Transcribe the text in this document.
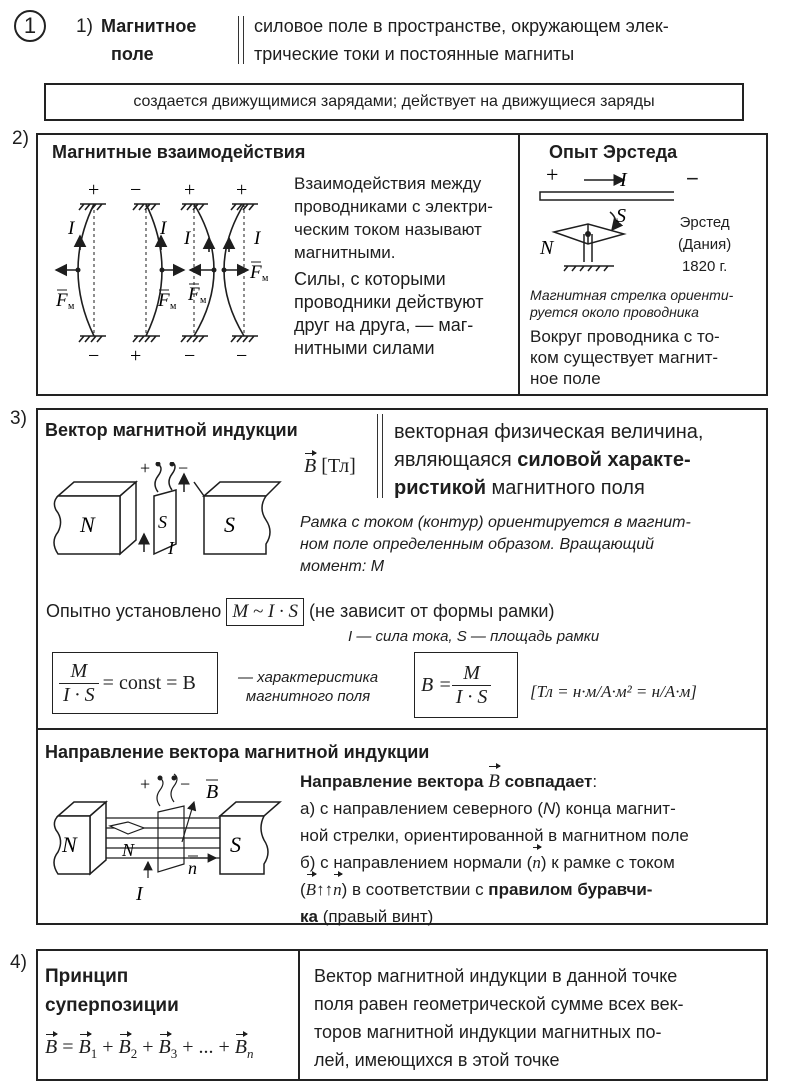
1	1) Магнитное
поле
силовое поле в пространстве, окружающем элек-
трические токи и постоянные магниты
создается движущимися зарядами; действует на движущиеся заряды
2)
Магнитные взаимодействия
+ − + +
− + − −
I	I I	I
F	F F
F
м	м
м
м
Взаимодействия между
проводниками с электри-
ческим током называют
магнитными.
Силы, с которыми
проводники действуют
друг на друга, — маг-
нитными силами
Опыт Эрстеда
+	I
S
N
−
Эрстед
(Дания)
1820 г.
Магнитная стрелка ориенти-
руется около проводника
Вокруг проводника с то-
ком существует магнит-
ное поле
3)
Вектор магнитной индукции
B [Тл]
векторная физическая величина,
являющаяся силовой характе-
ристикой магнитного поля
N	S
S
I
+ −
Рамка с током (контур) ориентируется в магнит-
ном поле определенным образом. Вращающий
момент: M
Опытно установлено M ~ I · S (не зависит от формы рамки)
I — сила тока, S — площадь рамки
$\frac{M}{I \cdot S}$ = const = B	— характеристика
магнитного поля
$B = \frac{M}{I \cdot S} [Тл = н\cdot м/А\cdot м^2 = н/А\cdot м]$
Направление вектора магнитной индукции
N	S
N
B
n
I
+ −	Направление вектора B совпадает:
а) с направлением северного (N) конца магнит-
ной стрелки, ориентированной в магнитном поле
б) с направлением нормали (n) к рамке с током
(B↑↑n) в соответствии с правилом буравчи-
ка (правый винт)
4)
Принцип
суперпозиции
$B = B_1 + B_2 + B_3$ + ... + $B_n$
Вектор магнитной индукции в данной точке
поля равен геометрической сумме всех век-
торов магнитной индукции магнитных по-
лей, имеющихся в этой точке
